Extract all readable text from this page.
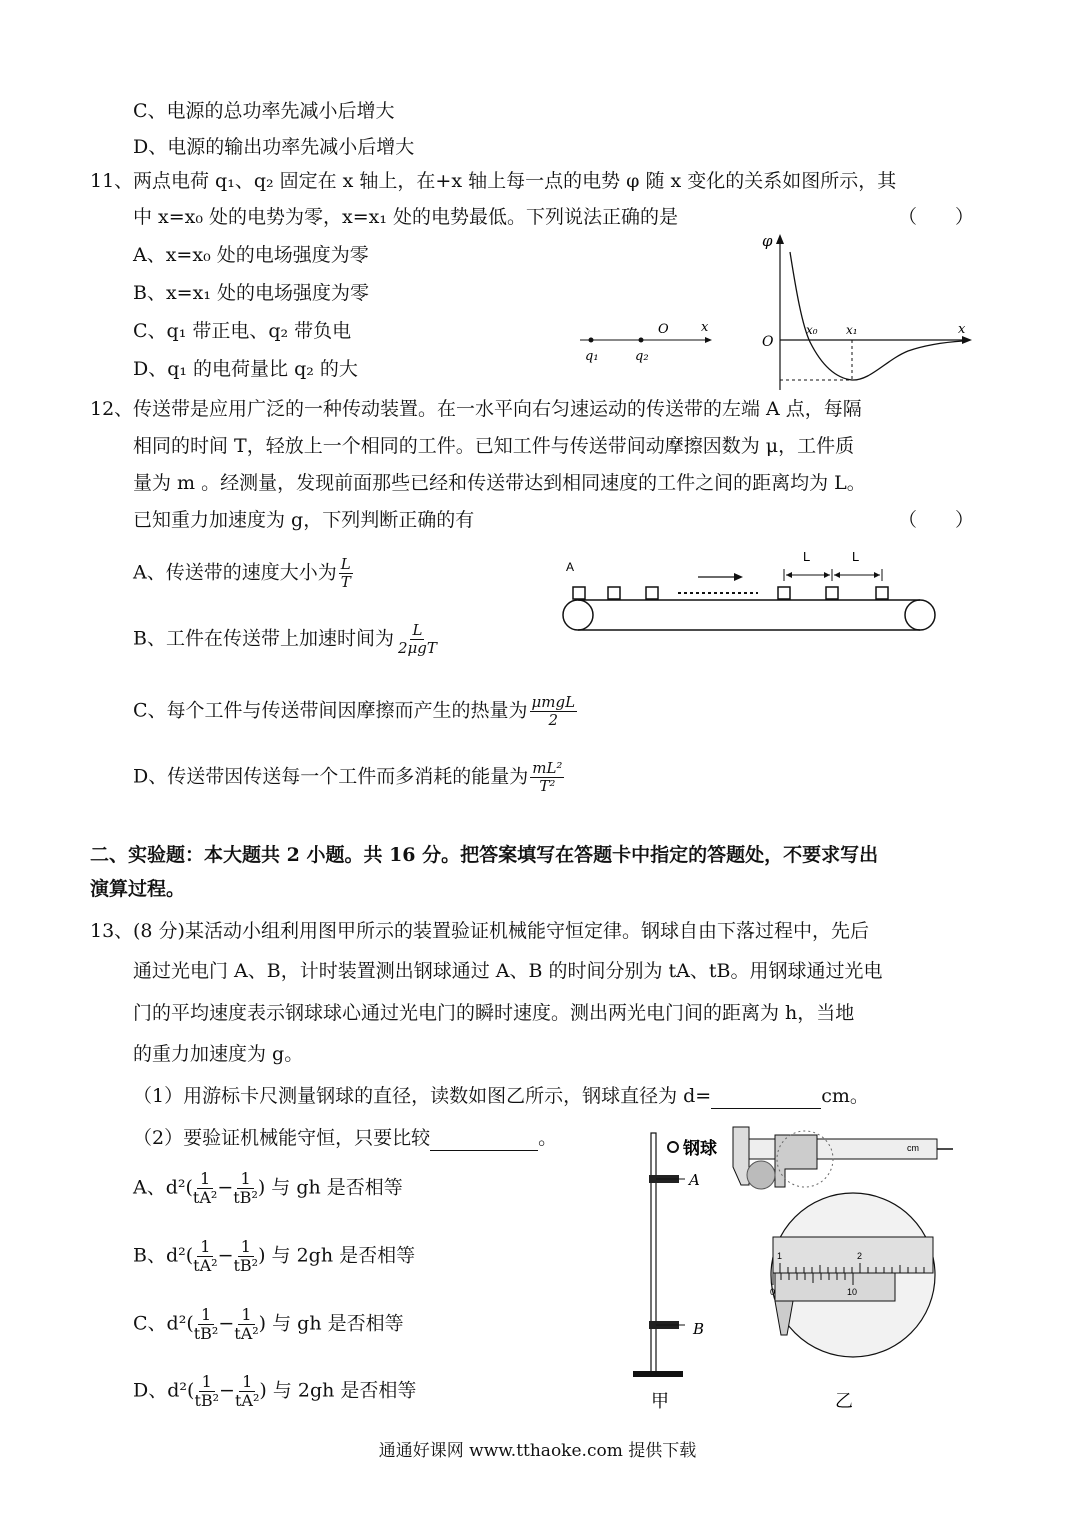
C、电源的总功率先减小后增大
D、电源的输出功率先减小后增大
11、 两点电荷 q₁、q₂ 固定在 x 轴上，在+x 轴上每一点的电势 φ 随 x 变化的关系如图所示，其
中 x=x₀ 处的电势为零，x=x₁ 处的电势最低。下列说法正确的是	（　　）
A、x=x₀ 处的电场强度为零
B、x=x₁ 处的电场强度为零
C、q₁ 带正电、q₂ 带负电
D、q₁ 的电荷量比 q₂ 的大
O x
q₁	q₂
φ
O
x₀ x₁	x
12、 传送带是应用广泛的一种传动装置。在一水平向右匀速运动的传送带的左端 A 点，每隔
相同的时间 T，轻放上一个相同的工件。已知工件与传送带间动摩擦因数为 μ，工件质
量为 m 。经测量，发现前面那些已经和传送带达到相同速度的工件之间的距离均为 L。
已知重力加速度为 g，下列判断正确的有	（　　）
A、传送带的速度大小为 $\frac{L}{T}$
B、工件在传送带上加速时间为 $\frac{L}{\text{2μgT}}$
C、每个工件与传送带间因摩擦而产生的热量为 $\frac{\text{μmgL}}{2}$
D、传送带因传送每一个工件而多消耗的能量为 $\frac{\text{mL²}}{\text{T²}}$
A
L	L
二、实验题：本大题共 2 小题。共 16 分。把答案填写在答题卡中指定的答题处，不要求写出
演算过程。
13、 (8 分)某活动小组利用图甲所示的装置验证机械能守恒定律。钢球自由下落过程中，先后
通过光电门 A、B，计时装置测出钢球通过 A、B 的时间分别为 tA、tB。用钢球通过光电
门的平均速度表示钢球球心通过光电门的瞬时速度。测出两光电门间的距离为 h，当地
的重力加速度为 g。
（1）用游标卡尺测量钢球的直径，读数如图乙所示，钢球直径为 d=	cm。
（2）要验证机械能守恒，只要比较	。
A、$d^2( \frac{1}{\text{tA²}} - \frac{1}{\text{tB²}}$ ) 与 gh 是否相等
B、$d^2( \frac{1}{\text{tA²}} - \frac{1}{\text{tB²}}$ ) 与 2gh 是否相等
C、$d^2( \frac{1}{\text{tB²}} - \frac{1}{\text{tA²}}$ ) 与 gh 是否相等
D、$d^2( \frac{1}{\text{tB²}} - \frac{1}{\text{tA²}}$ ) 与 2gh 是否相等
钢球
A
B
甲
cm
1	2
0	10
乙
通通好课网 www.tthaoke.com 提供下载
